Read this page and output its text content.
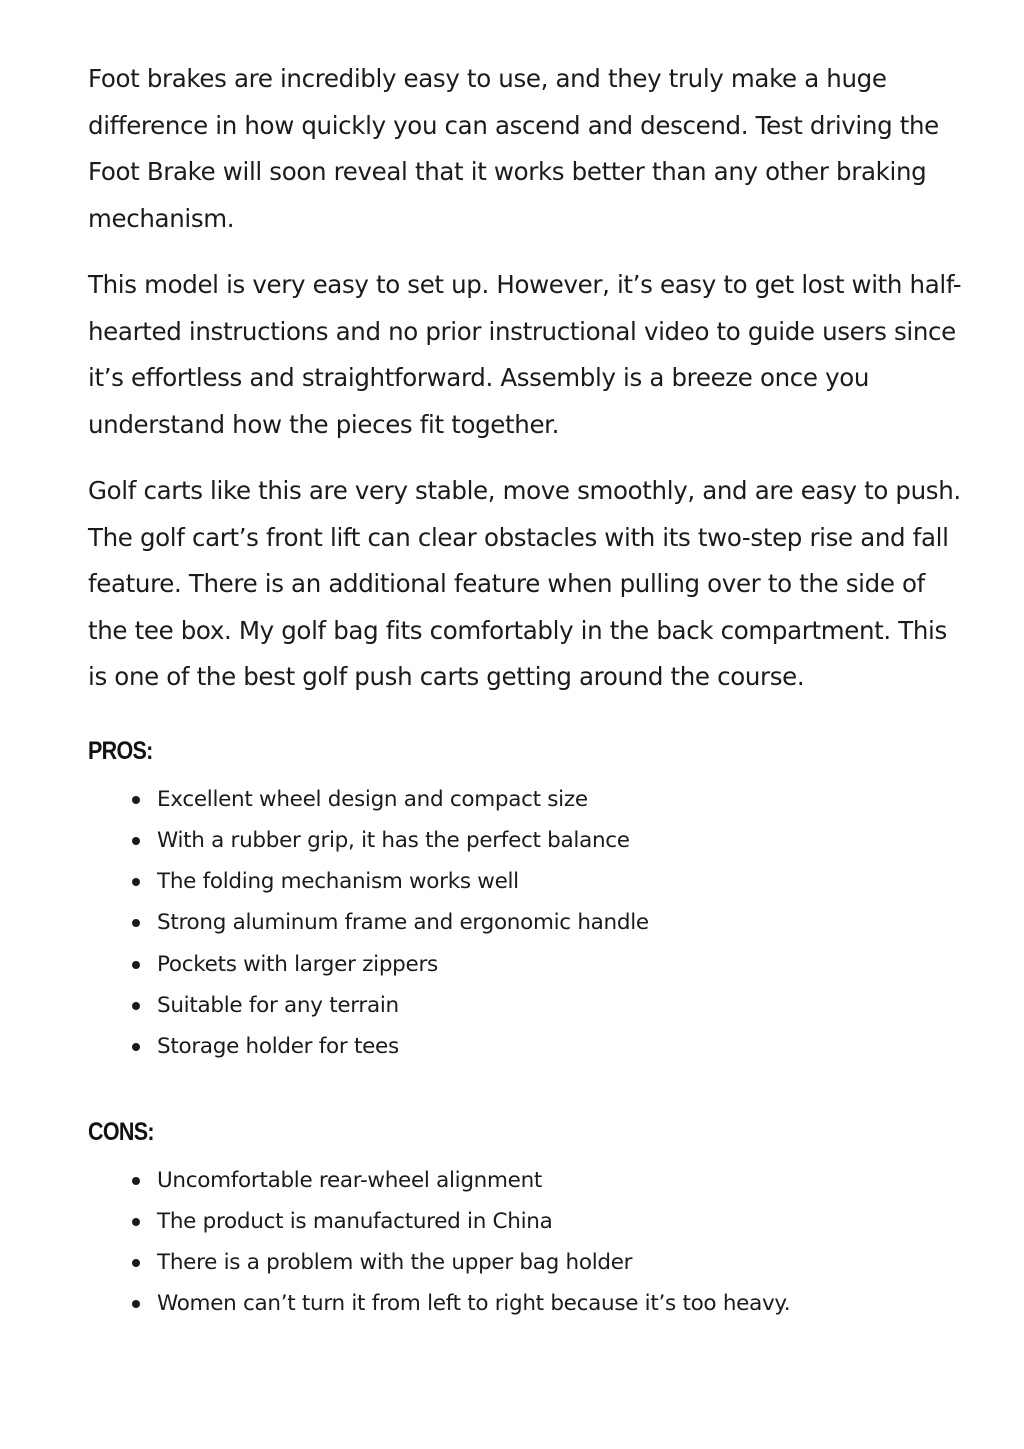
Foot brakes are incredibly easy to use, and they truly make a huge difference in how quickly you can ascend and descend. Test driving the Foot Brake will soon reveal that it works better than any other braking mechanism.

This model is very easy to set up. However, it’s easy to get lost with half-hearted instructions and no prior instructional video to guide users since it’s effortless and straightforward. Assembly is a breeze once you understand how the pieces fit together.

Golf carts like this are very stable, move smoothly, and are easy to push. The golf cart’s front lift can clear obstacles with its two-step rise and fall feature. There is an additional feature when pulling over to the side of the tee box. My golf bag fits comfortably in the back compartment. This is one of the best golf push carts getting around the course.

PROS:
Excellent wheel design and compact size
With a rubber grip, it has the perfect balance
The folding mechanism works well
Strong aluminum frame and ergonomic handle
Pockets with larger zippers
Suitable for any terrain
Storage holder for tees
CONS:
Uncomfortable rear-wheel alignment
The product is manufactured in China
There is a problem with the upper bag holder
Women can’t turn it from left to right because it’s too heavy.
